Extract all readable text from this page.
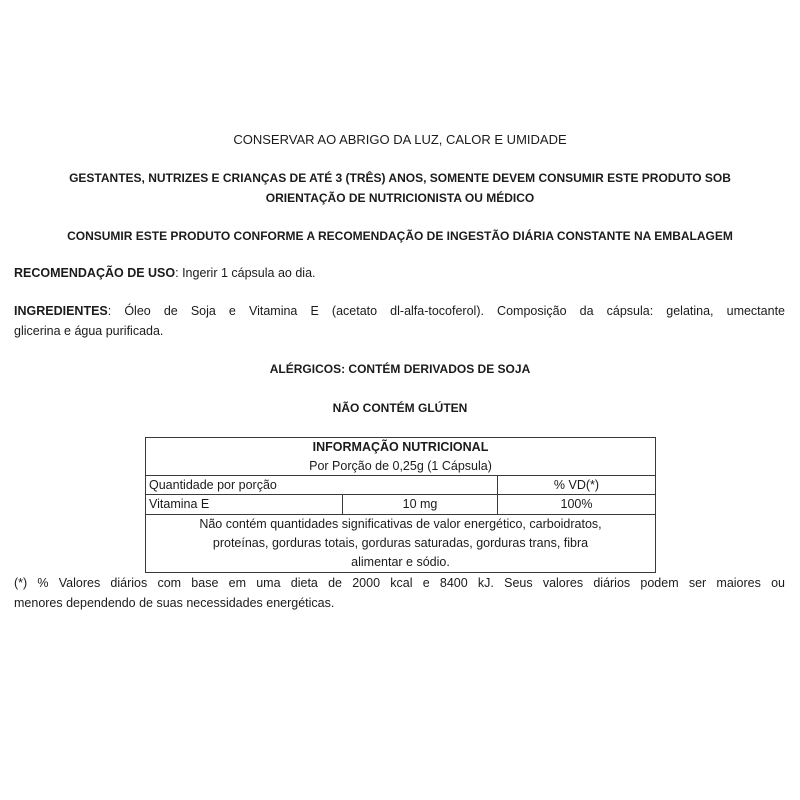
CONSERVAR AO ABRIGO DA LUZ, CALOR E UMIDADE
GESTANTES, NUTRIZES E CRIANÇAS DE ATÉ 3 (TRÊS) ANOS, SOMENTE DEVEM CONSUMIR ESTE PRODUTO SOB
ORIENTAÇÃO DE NUTRICIONISTA OU MÉDICO
CONSUMIR ESTE PRODUTO CONFORME A RECOMENDAÇÃO DE INGESTÃO DIÁRIA CONSTANTE NA EMBALAGEM
RECOMENDAÇÃO DE USO: Ingerir 1 cápsula ao dia.
INGREDIENTES: Óleo de Soja e Vitamina E (acetato dl-alfa-tocoferol). Composição da cápsula: gelatina, umectante
glicerina e água purificada.
ALÉRGICOS: CONTÉM DERIVADOS DE SOJA
NÃO CONTÉM GLÚTEN
INFORMAÇÃO NUTRICIONAL
Por Porção de 0,25g (1 Cápsula)		

Quantidade por porção		% VD(*)
Vitamina E	10 mg	100%

Não contém quantidades significativas de valor energético, carboidratos,
proteínas, gorduras totais, gorduras saturadas, gorduras trans, fibra
alimentar e sódio.		
(*) % Valores diários com base em uma dieta de 2000 kcal e 8400 kJ. Seus valores diários podem ser maiores ou
menores dependendo de suas necessidades energéticas.
